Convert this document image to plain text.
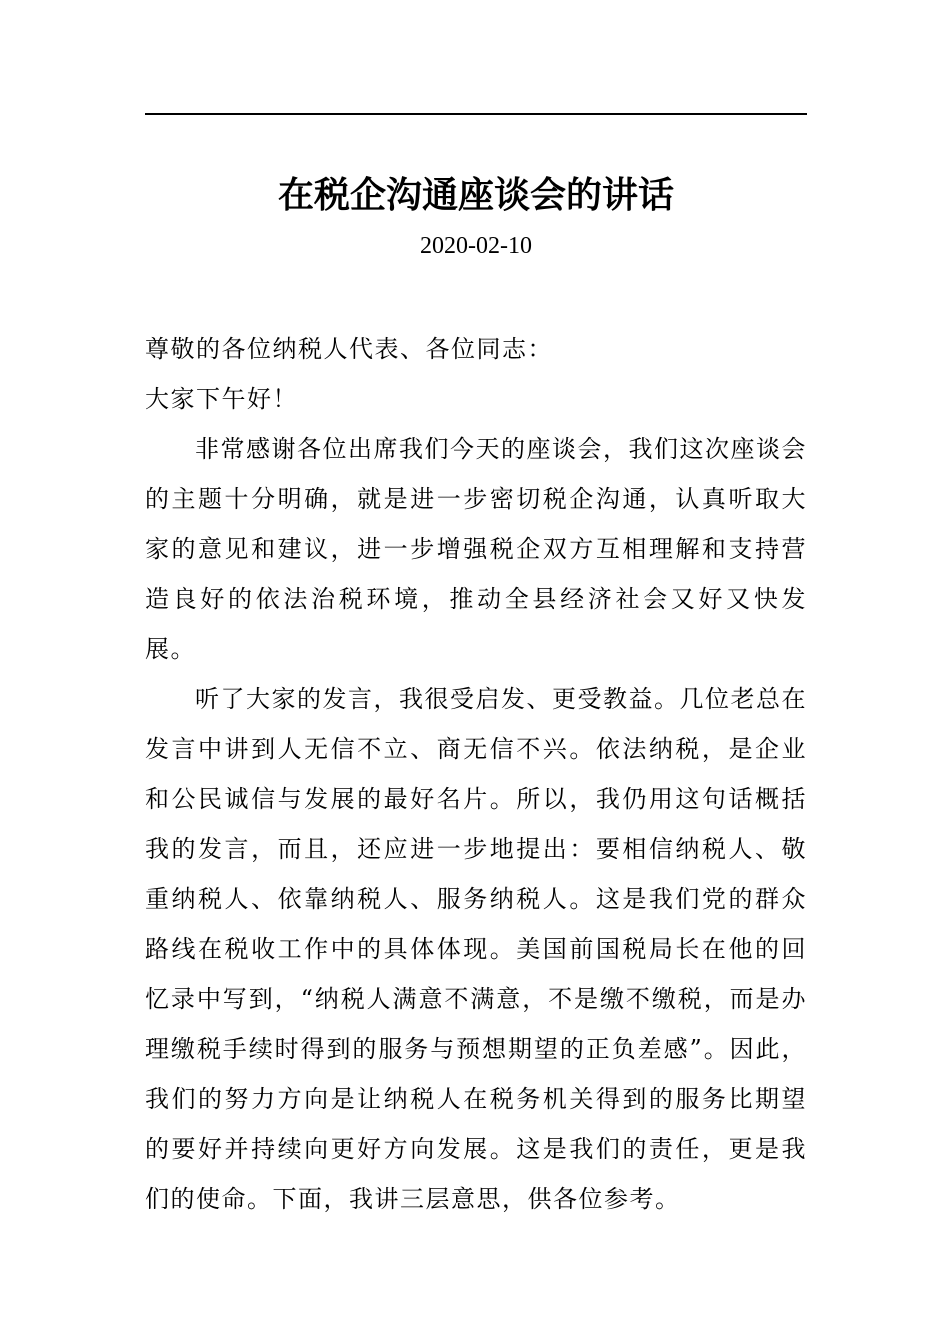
在税企沟通座谈会的讲话
2020-02-10

尊敬的各位纳税人代表、各位同志：

大家下午好！

非常感谢各位出席我们今天的座谈会，我们这次座谈会的主题十分明确，就是进一步密切税企沟通，认真听取大家的意见和建议，进一步增强税企双方互相理解和支持营造良好的依法治税环境，推动全县经济社会又好又快发展。

听了大家的发言，我很受启发、更受教益。几位老总在发言中讲到人无信不立、商无信不兴。依法纳税，是企业和公民诚信与发展的最好名片。所以，我仍用这句话概括我的发言，而且，还应进一步地提出：要相信纳税人、敬重纳税人、依靠纳税人、服务纳税人。这是我们党的群众路线在税收工作中的具体体现。美国前国税局长在他的回忆录中写到，“纳税人满意不满意，不是缴不缴税，而是办理缴税手续时得到的服务与预想期望的正负差感”。因此，我们的努力方向是让纳税人在税务机关得到的服务比期望的要好并持续向更好方向发展。这是我们的责任，更是我们的使命。下面，我讲三层意思，供各位参考。
